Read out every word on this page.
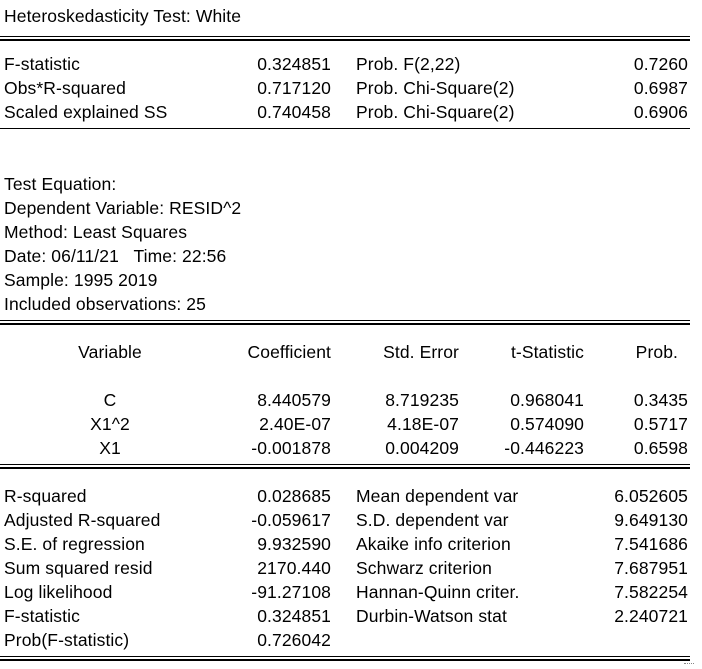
Heteroskedasticity Test: White
F-statistic	0.324851 Prob. F(2,22)	0.7260
Obs*R-squared	0.717120 Prob. Chi-Square(2)	0.6987
Scaled explained SS	0.740458 Prob. Chi-Square(2)	0.6906
Test Equation:
Dependent Variable: RESID^2
Method: Least Squares
Date: 06/11/21   Time: 22:56
Sample: 1995 2019
Included observations: 25
Variable	Coefficient	Std. Error	t-Statistic	Prob.
C	8.440579	8.719235	0.968041	0.3435
X1^2	2.40E-07	4.18E-07	0.574090	0.5717
X1	-0.001878	0.004209	-0.446223	0.6598
R-squared	0.028685 Mean dependent var	6.052605
Adjusted R-squared	-0.059617 S.D. dependent var	9.649130
S.E. of regression	9.932590 Akaike info criterion	7.541686
Sum squared resid	2170.440 Schwarz criterion	7.687951
Log likelihood	-91.27108 Hannan-Quinn criter.	7.582254
F-statistic	0.324851 Durbin-Watson stat	2.240721
Prob(F-statistic)	0.726042
